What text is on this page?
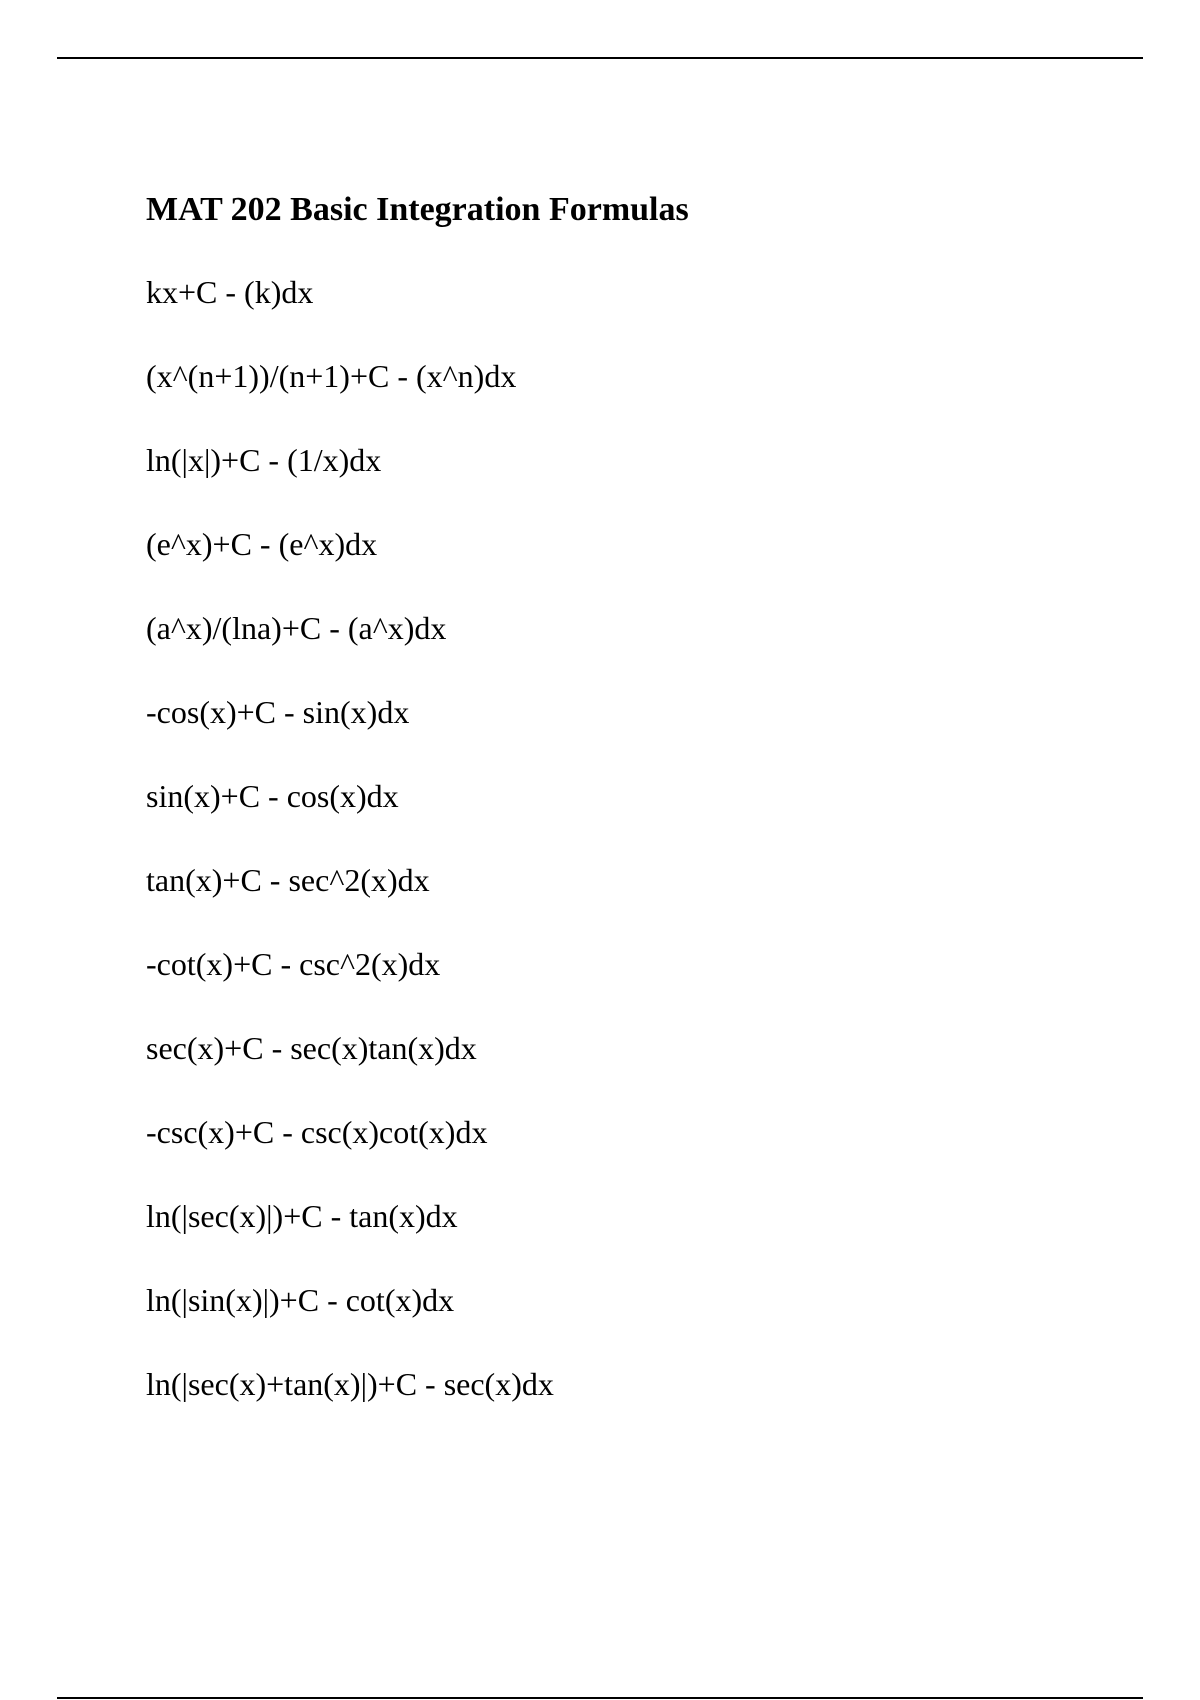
MAT 202 Basic Integration Formulas
kx+C - (k)dx
(x^(n+1))/(n+1)+C - (x^n)dx
ln(|x|)+C - (1/x)dx
(e^x)+C - (e^x)dx
(a^x)/(lna)+C - (a^x)dx
-cos(x)+C - sin(x)dx
sin(x)+C - cos(x)dx
tan(x)+C - sec^2(x)dx
-cot(x)+C - csc^2(x)dx
sec(x)+C - sec(x)tan(x)dx
-csc(x)+C - csc(x)cot(x)dx
ln(|sec(x)|)+C - tan(x)dx
ln(|sin(x)|)+C - cot(x)dx
ln(|sec(x)+tan(x)|)+C - sec(x)dx
